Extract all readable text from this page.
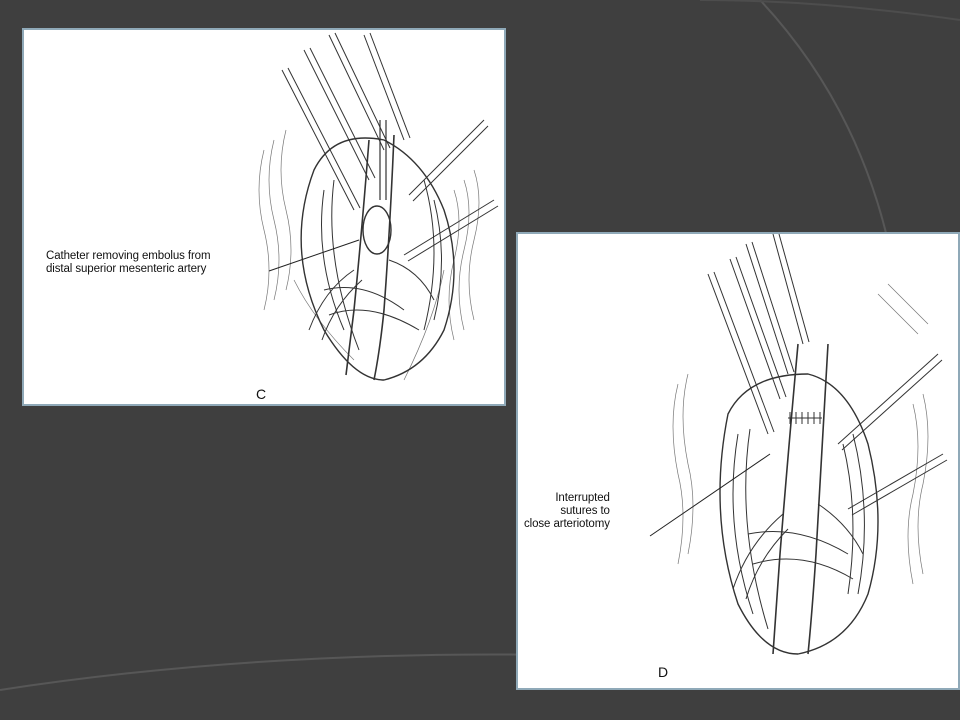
Catheter removing embolus from
distal superior mesenteric artery
C
Interrupted
sutures to
close arteriotomy
D
